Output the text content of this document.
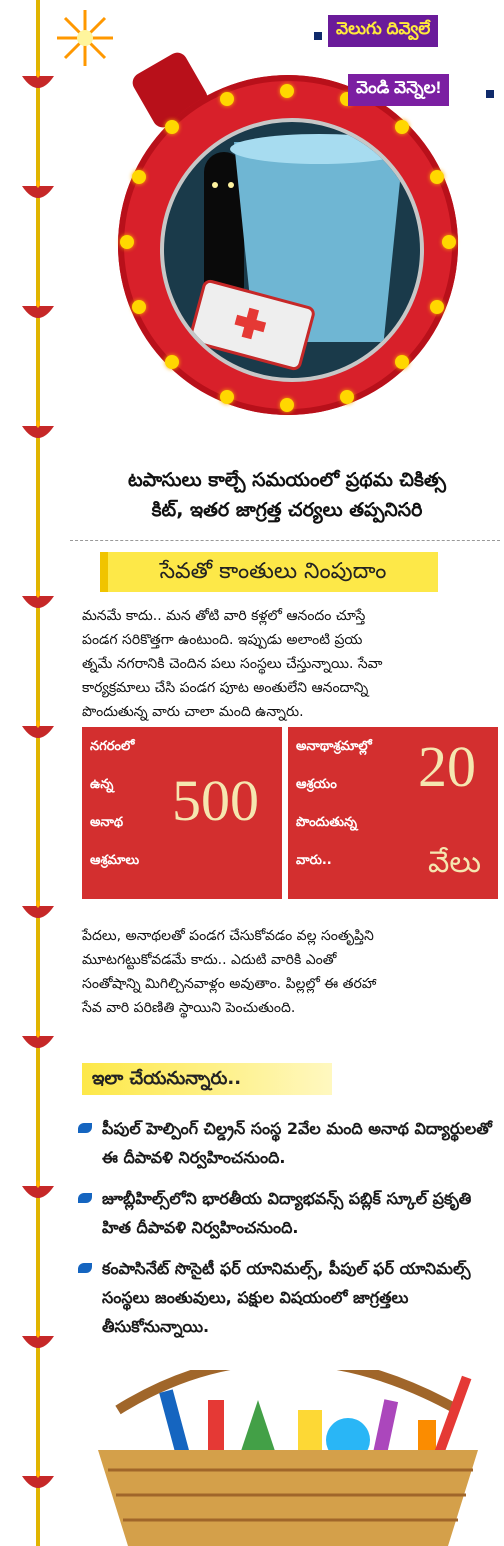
వెలుగు దివ్వెలే
వెండి వెన్నెల!
టపాసులు కాల్చే సమయంలో ప్రథమ చికిత్స
కిట్, ఇతర జాగ్రత్త చర్యలు తప్పనిసరి
సేవతో కాంతులు నింపుదాం
మనమే కాదు.. మన తోటి వారి కళ్లలో ఆనందం చూస్తే
పండగ సరికొత్తగా ఉంటుంది. ఇప్పుడు అలాంటి ప్రయ
త్నమే నగరానికి చెందిన పలు సంస్థలు చేస్తున్నాయి. సేవా
కార్యక్రమాలు చేసి పండగ పూట అంతులేని ఆనందాన్ని
పొందుతున్న వారు చాలా మంది ఉన్నారు.
నగరంలో
ఉన్న
అనాథ
ఆశ్రమాలు
500
అనాథాశ్రమాల్లో
ఆశ్రయం
పొందుతున్న
వారు..
20
వేలు
పేదలు, అనాథలతో పండగ చేసుకోవడం వల్ల సంతృప్తిని
మూటగట్టుకోవడమే కాదు.. ఎదుటి వారికి ఎంతో
సంతోషాన్ని మిగిల్చినవాళ్లం అవుతాం. పిల్లల్లో ఈ తరహా
సేవ వారి పరిణితి స్థాయిని పెంచుతుంది.
ఇలా చేయనున్నారు..
పీపుల్ హెల్పింగ్ చిల్డ్రన్ సంస్థ 2వేల మంది అనాథ విద్యార్థులతో ఈ దీపావళి నిర్వహించనుంది.
జూబ్లీహిల్స్‌లోని భారతీయ విద్యాభవన్స్ పబ్లిక్ స్కూల్ ప్రకృతి హిత దీపావళి నిర్వహించనుంది.
కంపాసినేట్ సొసైటీ ఫర్ యానిమల్స్, పీపుల్ ఫర్ యానిమల్స్ సంస్థలు జంతువులు, పక్షుల విషయంలో జాగ్రత్తలు తీసుకోనున్నాయి.
